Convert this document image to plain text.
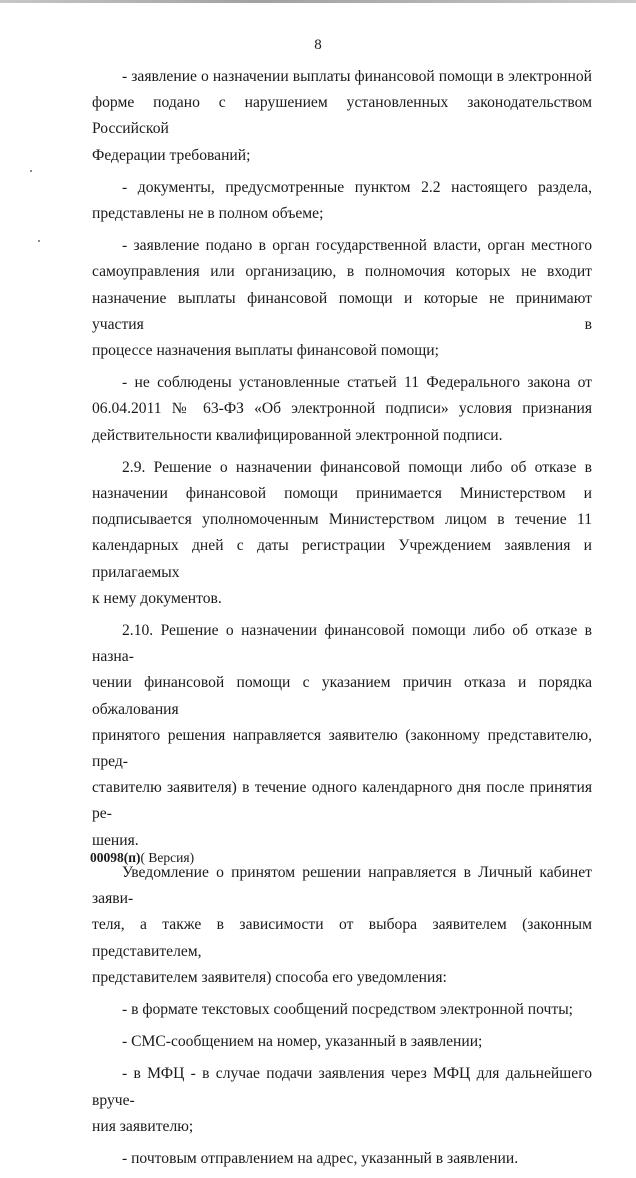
8
- заявление о назначении выплаты финансовой помощи в электронной
форме подано с нарушением установленных законодательством Российской
Федерации требований;
- документы, предусмотренные пунктом 2.2 настоящего раздела,
представлены не в полном объеме;
- заявление подано в орган государственной власти, орган местного
самоуправления или организацию, в полномочия которых не входит
назначение выплаты финансовой помощи и которые не принимают участия в
процессе назначения выплаты финансовой помощи;
- не соблюдены установленные статьей 11 Федерального закона от
06.04.2011 № 63-ФЗ «Об электронной подписи» условия признания
действительности квалифицированной электронной подписи.
2.9. Решение о назначении финансовой помощи либо об отказе в
назначении финансовой помощи принимается Министерством и
подписывается уполномоченным Министерством лицом в течение 11
календарных дней с даты регистрации Учреждением заявления и прилагаемых
к нему документов.
2.10. Решение о назначении финансовой помощи либо об отказе в назна-
чении финансовой помощи с указанием причин отказа и порядка обжалования
принятого решения направляется заявителю (законному представителю, пред-
ставителю заявителя) в течение одного календарного дня после принятия ре-
шения.
Уведомление о принятом решении направляется в Личный кабинет заяви-
теля, а также в зависимости от выбора заявителем (законным представителем,
представителем заявителя) способа его уведомления:
- в формате текстовых сообщений посредством электронной почты;
- СМС-сообщением на номер, указанный в заявлении;
- в МФЦ - в случае подачи заявления через МФЦ для дальнейшего вруче-
ния заявителю;
- почтовым отправлением на адрес, указанный в заявлении.
00098(п)( Версия)
